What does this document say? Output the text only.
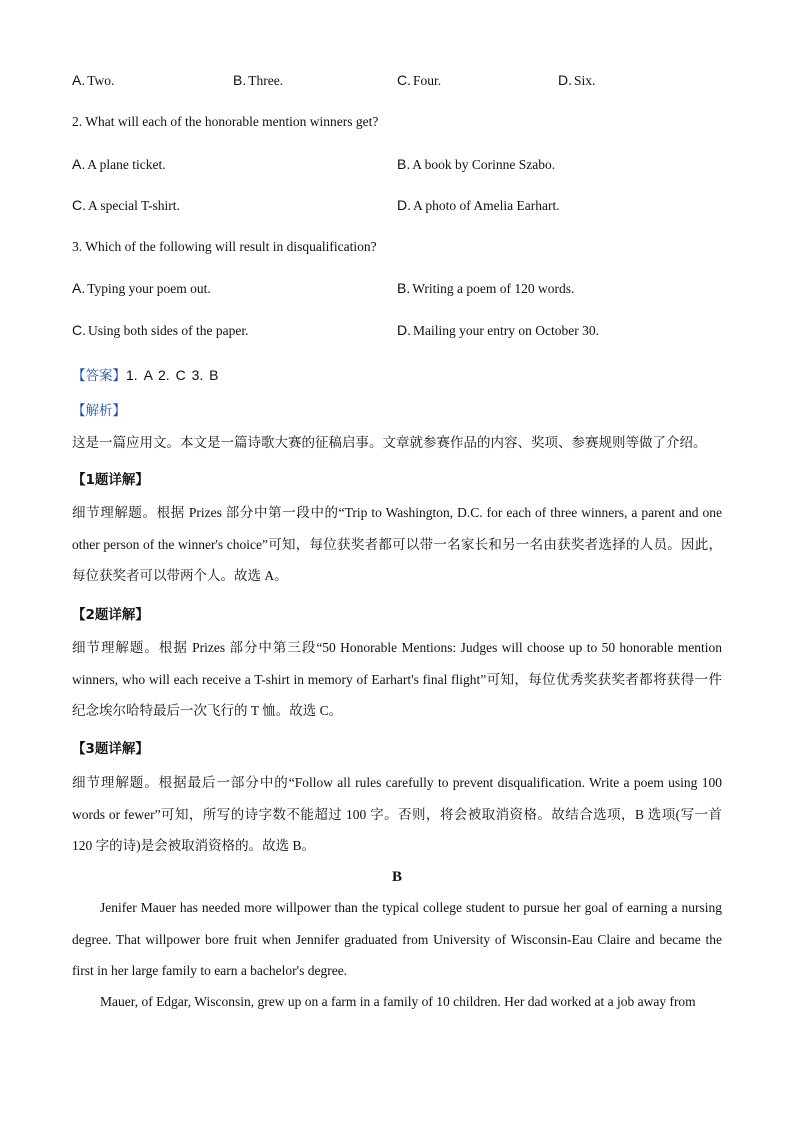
A. Two.	B. Three.	C. Four.	D. Six.
2. What will each of the honorable mention winners get?
A. A plane ticket.	B. A book by Corinne Szabo.
C. A special T-shirt.	D. A photo of Amelia Earhart.
3. Which of the following will result in disqualification?
A. Typing your poem out.	B. Writing a poem of 120 words.
C. Using both sides of the paper.	D. Mailing your entry on October 30.
【答案】1. A 2. C 3. B
【解析】
这是一篇应用文。本文是一篇诗歌大赛的征稿启事。文章就参赛作品的内容、奖项、参赛规则等做了介绍。
【1题详解】
细节理解题。根据 Prizes 部分中第一段中的“Trip to Washington, D.C. for each of three winners, a parent and one other person of the winner's choice”可知，每位获奖者都可以带一名家长和另一名由获奖者选择的人员。因此，每位获奖者可以带两个人。故选 A。
【2题详解】
细节理解题。根据 Prizes 部分中第三段“50 Honorable Mentions: Judges will choose up to 50 honorable mention winners, who will each receive a T-shirt in memory of Earhart's final flight”可知，每位优秀奖获奖者都将获得一件纪念埃尔哈特最后一次飞行的 T 恤。故选 C。
【3题详解】
细节理解题。根据最后一部分中的“Follow all rules carefully to prevent disqualification. Write a poem using 100 words or fewer”可知，所写的诗字数不能超过 100 字。否则，将会被取消资格。故结合选项，B 选项(写一首 120 字的诗)是会被取消资格的。故选 B。
B
Jenifer Mauer has needed more willpower than the typical college student to pursue her goal of earning a nursing degree. That willpower bore fruit when Jennifer graduated from University of Wisconsin-Eau Claire and became the first in her large family to earn a bachelor's degree.
Mauer, of Edgar, Wisconsin, grew up on a farm in a family of 10 children. Her dad worked at a job away from
